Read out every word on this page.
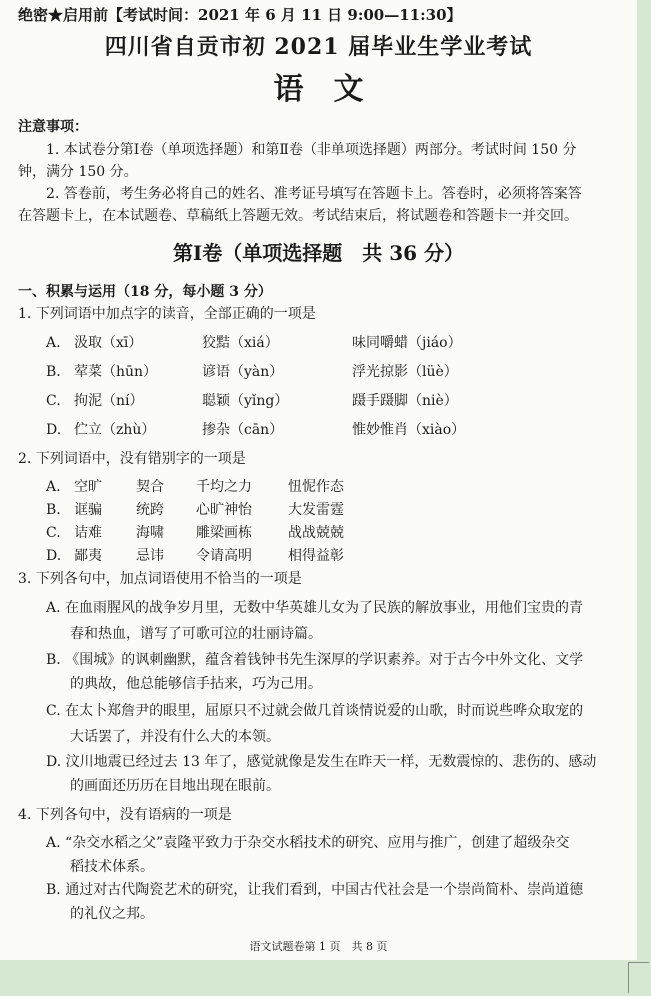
绝密★启用前【考试时间：2021 年 6 月 11 日 9:00—11:30】
四川省自贡市初 2021 届毕业生学业考试
语　文
注意事项：
1. 本试卷分第Ⅰ卷（单项选择题）和第Ⅱ卷（非单项选择题）两部分。考试时间 150 分
钟，满分 150 分。
2. 答卷前，考生务必将自己的姓名、准考证号填写在答题卡上。答卷时，必须将答案答
在答题卡上，在本试题卷、草稿纸上答题无效。考试结束后，将试题卷和答题卡一并交回。
第Ⅰ卷（单项选择题　共 36 分）
一、积累与运用（18 分，每小题 3 分）
1. 下列词语中加点字的读音，全部正确的一项是
A. 汲取（xī）	狡黠（xiá）	味同嚼蜡（jiáo）
B. 荤菜（hūn）	谚语（yàn）	浮光掠影（lüè）
C. 拘泥（ní）	聪颖（yǐng）	蹑手蹑脚（niè）
D. 伫立（zhù）	掺杂（cān）	惟妙惟肖（xiào）
2. 下列词语中，没有错别字的一项是
A. 空旷 契合 千均之力	忸怩作态
B. 诓骗 统跨 心旷神怡	大发雷霆
C. 诘难 海啸 雕梁画栋	战战兢兢
D. 鄙夷 忌讳 令请高明	相得益彰
3. 下列各句中，加点词语使用不恰当的一项是
A. 在血雨腥风的战争岁月里，无数中华英雄儿女为了民族的解放事业，用他们宝贵的青
春和热血，谱写了可歌可泣的壮丽诗篇。
B. 《围城》的讽刺幽默，蕴含着钱钟书先生深厚的学识素养。对于古今中外文化、文学
的典故，他总能够信手拈来，巧为己用。
C. 在太卜郑詹尹的眼里，屈原只不过就会做几首谈情说爱的山歌，时而说些哗众取宠的
大话罢了，并没有什么大的本领。
D. 汶川地震已经过去 13 年了，感觉就像是发生在昨天一样，无数震惊的、悲伤的、感动
的画面还历历在目地出现在眼前。
4. 下列各句中，没有语病的一项是
A. “杂交水稻之父”袁隆平致力于杂交水稻技术的研究、应用与推广，创建了超级杂交
稻技术体系。
B. 通过对古代陶瓷艺术的研究，让我们看到，中国古代社会是一个崇尚简朴、崇尚道德
的礼仪之邦。
语文试题卷第 1 页　共 8 页
